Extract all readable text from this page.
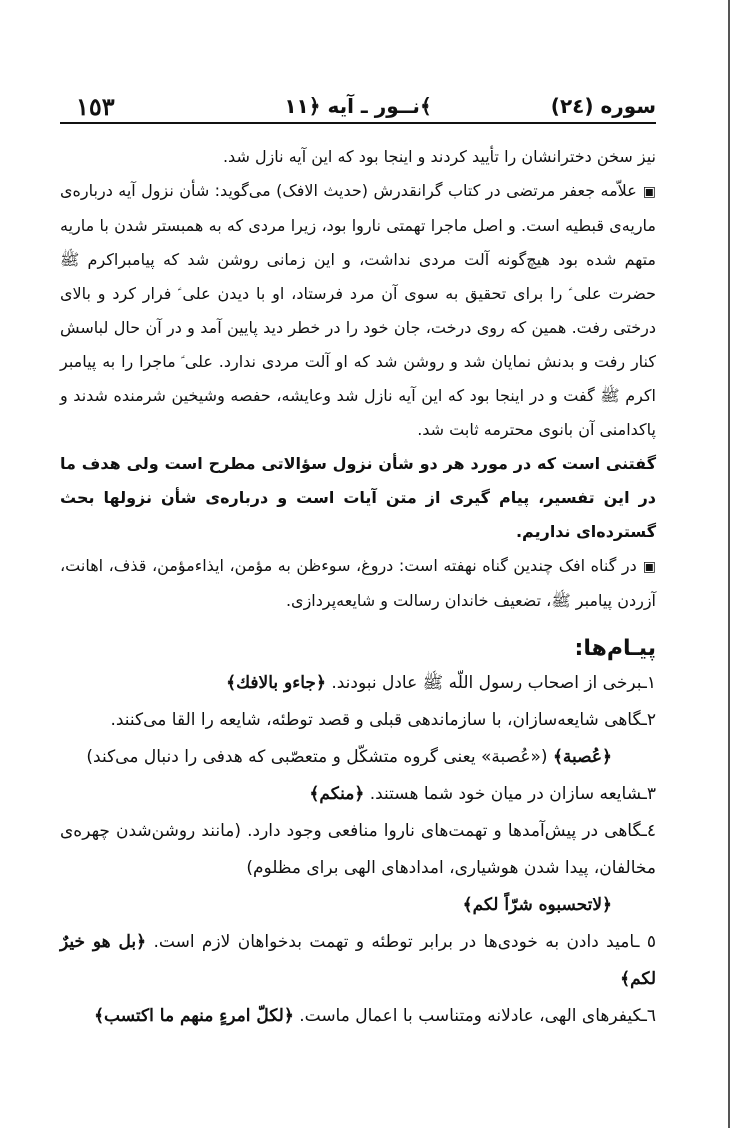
سوره (٢٤)
نــور ـ آیه ﴿١١﴾
١٥٣

نیز سخن دخترانشان را تأیید کردند و اینجا بود که این آیه نازل شد.

▣علاّمه جعفر مرتضی در کتاب گرانقدرش (حدیث الافک) می‌گوید: شأن نزول آیه درباره‌ی ماریه‌ی قبطیه است. و اصل ماجرا تهمتی ناروا بود، زیرا مردی که به همبستر شدن با ماریه متهم شده بود هیچ‌گونه آلت مردی نداشت، و این زمانی روشن شد که پیامبراکرم ﷺ حضرت علی ؑ را برای تحقیق به سوی آن مرد فرستاد، او با دیدن علی ؑ فرار کرد و بالای درختی رفت. همین که روی درخت، جان خود را در خطر دید پایین آمد و در آن حال لباسش کنار رفت و بدنش نمایان شد و روشن شد که او آلت مردی ندارد. علی ؑ ماجرا را به پیامبر اکرم ﷺ گفت و در اینجا بود که این آیه نازل شد وعایشه، حفصه وشیخین شرمنده شدند و پاکدامنی آن بانوی محترمه ثابت شد.

گفتنی است که در مورد هر دو شأن نزول سؤالاتی مطرح است ولی هدف ما در این تفسیر، پیام گیری از متن آیات است و درباره‌ی شأن نزولها بحث گسترده‌ای نداریم.

▣در گناه افک چندین گناه نهفته است: دروغ، سوءظن به مؤمن، ایذاءمؤمن، قذف، اهانت، آزردن پیامبر ﷺ، تضعیف خاندان رسالت و شایعه‌پردازی.

پیـام‌ها:

١ـبرخی از اصحاب رسول اللّه ﷺ عادل نبودند. ﴿جاءو بالافك﴾

٢ـگاهی شایعه‌سازان، با سازماندهی قبلی و قصد توطئه، شایعه را القا می‌کنند.

﴿عُصبة﴾ («عُصبة» یعنی گروه متشکّل و متعصّبی که هدفی را دنبال می‌کند)

٣ـشایعه سازان در میان خود شما هستند. ﴿منكم﴾

٤ـگاهی در پیش‌آمدها و تهمت‌های ناروا منافعی وجود دارد. (مانند روشن‌شدن چهره‌ی مخالفان، پیدا شدن هوشیاری، امدادهای الهی برای مظلوم)

﴿لاتحسبوه شرّاً لكم﴾

٥ ـامید دادن به خودی‌ها در برابر توطئه و تهمت بدخواهان لازم است. ﴿بل هو خيرٌ لكم﴾

٦ـکیفرهای الهی، عادلانه ومتناسب با اعمال ماست. ﴿لكلّ امرءٍ منهم ما اكتسب﴾
